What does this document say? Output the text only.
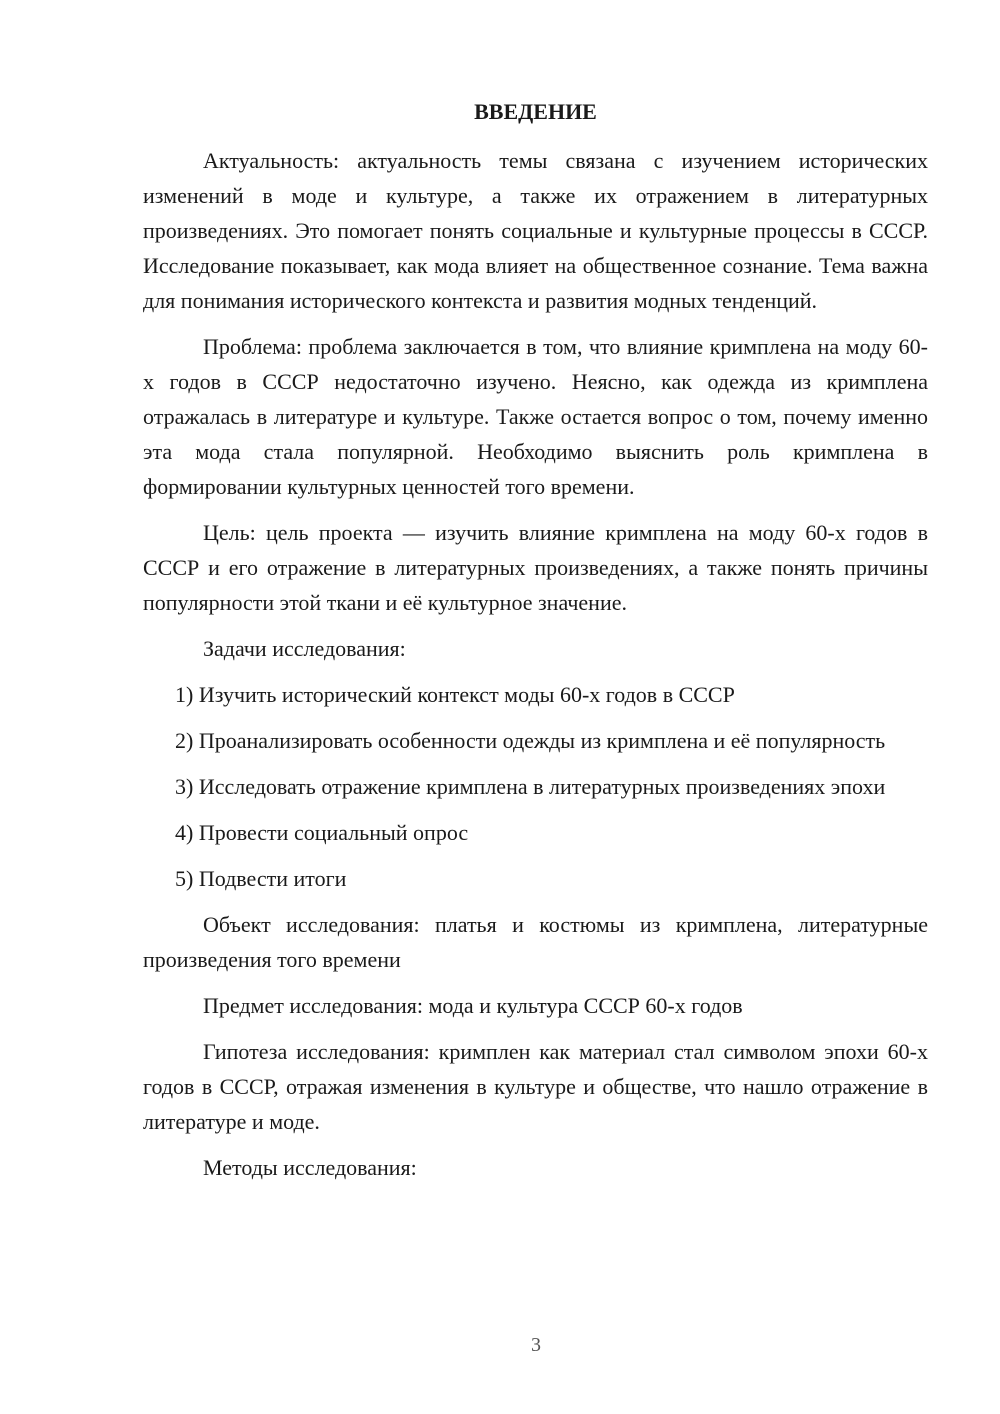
ВВЕДЕНИЕ

Актуальность: актуальность темы связана с изучением исторических изменений в моде и культуре, а также их отражением в литературных произведениях. Это помогает понять социальные и культурные процессы в СССР. Исследование показывает, как мода влияет на общественное сознание. Тема важна для понимания исторического контекста и развития модных тенденций.

Проблема: проблема заключается в том, что влияние кримплена на моду 60-х годов в СССР недостаточно изучено. Неясно, как одежда из кримплена отражалась в литературе и культуре. Также остается вопрос о том, почему именно эта мода стала популярной. Необходимо выяснить роль кримплена в формировании культурных ценностей того времени.

Цель: цель проекта — изучить влияние кримплена на моду 60-х годов в СССР и его отражение в литературных произведениях, а также понять причины популярности этой ткани и её культурное значение.

Задачи исследования:

1) Изучить исторический контекст моды 60-х годов в СССР

2) Проанализировать особенности одежды из кримплена и её популярность

3) Исследовать отражение кримплена в литературных произведениях эпохи

4) Провести социальный опрос

5) Подвести итоги

Объект исследования: платья и костюмы из кримплена, литературные произведения того времени

Предмет исследования: мода и культура СССР 60-х годов

Гипотеза исследования: кримплен как материал стал символом эпохи 60-х годов в СССР, отражая изменения в культуре и обществе, что нашло отражение в литературе и моде.

Методы исследования:

3
